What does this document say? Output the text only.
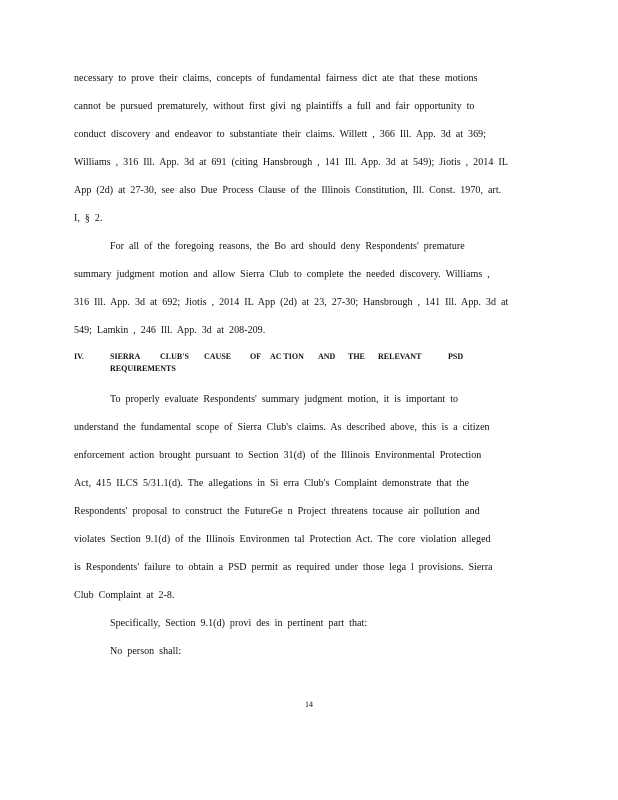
necessary to prove their claims, concepts of fundamental fairness dict ate that these motions
cannot be pursued prematurely, without first givi ng plaintiffs a full and fair opportunity to
conduct discovery and endeavor to substantiate their claims. Willett , 366 Ill. App. 3d at 369;
Williams , 316 Ill. App. 3d at 691 (citing Hansbrough , 141 Ill. App. 3d at 549); Jiotis , 2014 IL
App (2d) at 27-30, see also Due Process Clause of the Illinois Constitution, Ill. Const. 1970, art.
I, § 2.
For all of the foregoing reasons, the Bo ard should deny Respondents' premature
summary judgment motion and allow Sierra Club to complete the needed discovery. Williams ,
316 Ill. App. 3d at 692; Jiotis , 2014 IL App (2d) at 23, 27-30; Hansbrough , 141 Ill. App. 3d at
549; Lamkin , 246 Ill. App. 3d at 208-209.
IV.	SIERRA CLUB'S CAUSE OF AC TION AND THE RELEVANT	PSD
REQUIREMENTS
To properly evaluate Respondents' summary judgment motion, it is important to
understand the fundamental scope of Sierra Club's claims. As described above, this is a citizen
enforcement action brought pursuant to Section 31(d) of the Illinois Environmental Protection
Act, 415 ILCS 5/31.1(d). The allegations in Si erra Club's Complaint demonstrate that the
Respondents' proposal to construct the FutureGe n Project threatens tocause air pollution and
violates Section 9.1(d) of the Illinois Environmen tal Protection Act. The core violation alleged
is Respondents' failure to obtain a PSD permit as required under those lega l provisions. Sierra
Club Complaint at 2-8.
Specifically, Section 9.1(d) provi des in pertinent part that:
No person shall:
14
